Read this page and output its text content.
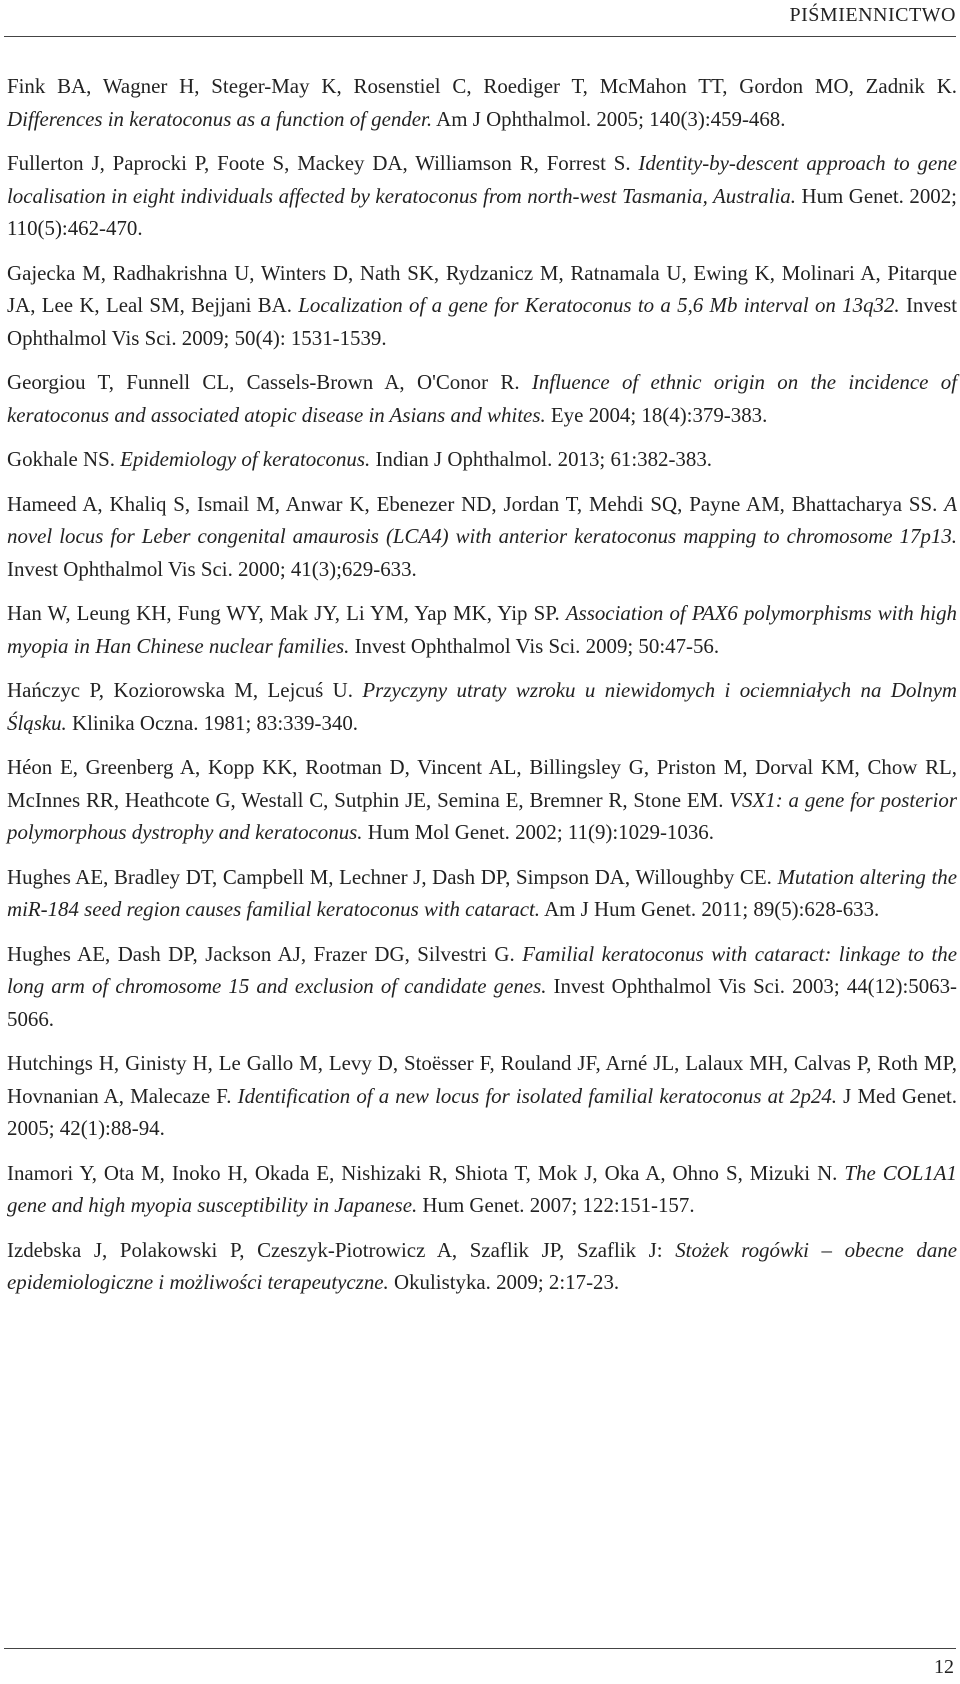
PIŚMIENNICTWO

Fink BA, Wagner H, Steger-May K, Rosenstiel C, Roediger T, McMahon TT, Gordon MO, Zadnik K. Differences in keratoconus as a function of gender. Am J Ophthalmol. 2005; 140(3):459-468.

Fullerton J, Paprocki P, Foote S, Mackey DA, Williamson R, Forrest S. Identity-by-descent approach to gene localisation in eight individuals affected by keratoconus from north-west Tasmania, Australia. Hum Genet. 2002; 110(5):462-470.

Gajecka M, Radhakrishna U, Winters D, Nath SK, Rydzanicz M, Ratnamala U, Ewing K, Molinari A, Pitarque JA, Lee K, Leal SM, Bejjani BA. Localization of a gene for Keratoconus to a 5,6 Mb interval on 13q32. Invest Ophthalmol Vis Sci. 2009; 50(4): 1531-1539.

Georgiou T, Funnell CL, Cassels-Brown A, O'Conor R. Influence of ethnic origin on the incidence of keratoconus and associated atopic disease in Asians and whites. Eye 2004; 18(4):379-383.

Gokhale NS. Epidemiology of keratoconus. Indian J Ophthalmol. 2013; 61:382-383.

Hameed A, Khaliq S, Ismail M, Anwar K, Ebenezer ND, Jordan T, Mehdi SQ, Payne AM, Bhattacharya SS. A novel locus for Leber congenital amaurosis (LCA4) with anterior keratoconus mapping to chromosome 17p13. Invest Ophthalmol Vis Sci. 2000; 41(3);629-633.

Han W, Leung KH, Fung WY, Mak JY, Li YM, Yap MK, Yip SP. Association of PAX6 polymorphisms with high myopia in Han Chinese nuclear families. Invest Ophthalmol Vis Sci. 2009; 50:47-56.

Hańczyc P, Koziorowska M, Lejcuś U. Przyczyny utraty wzroku u niewidomych i ociemniałych na Dolnym Śląsku. Klinika Oczna. 1981; 83:339-340.

Héon E, Greenberg A, Kopp KK, Rootman D, Vincent AL, Billingsley G, Priston M, Dorval KM, Chow RL, McInnes RR, Heathcote G, Westall C, Sutphin JE, Semina E, Bremner R, Stone EM. VSX1: a gene for posterior polymorphous dystrophy and keratoconus. Hum Mol Genet. 2002; 11(9):1029-1036.

Hughes AE, Bradley DT, Campbell M, Lechner J, Dash DP, Simpson DA, Willoughby CE. Mutation altering the miR-184 seed region causes familial keratoconus with cataract. Am J Hum Genet. 2011; 89(5):628-633.

Hughes AE, Dash DP, Jackson AJ, Frazer DG, Silvestri G. Familial keratoconus with cataract: linkage to the long arm of chromosome 15 and exclusion of candidate genes. Invest Ophthalmol Vis Sci. 2003; 44(12):5063-5066.

Hutchings H, Ginisty H, Le Gallo M, Levy D, Stoësser F, Rouland JF, Arné JL, Lalaux MH, Calvas P, Roth MP, Hovnanian A, Malecaze F. Identification of a new locus for isolated familial keratoconus at 2p24. J Med Genet. 2005; 42(1):88-94.

Inamori Y, Ota M, Inoko H, Okada E, Nishizaki R, Shiota T, Mok J, Oka A, Ohno S, Mizuki N. The COL1A1 gene and high myopia susceptibility in Japanese. Hum Genet. 2007; 122:151-157.

Izdebska J, Polakowski P, Czeszyk-Piotrowicz A, Szaflik JP, Szaflik J: Stożek rogówki – obecne dane epidemiologiczne i możliwości terapeutyczne. Okulistyka. 2009; 2:17-23.

12
